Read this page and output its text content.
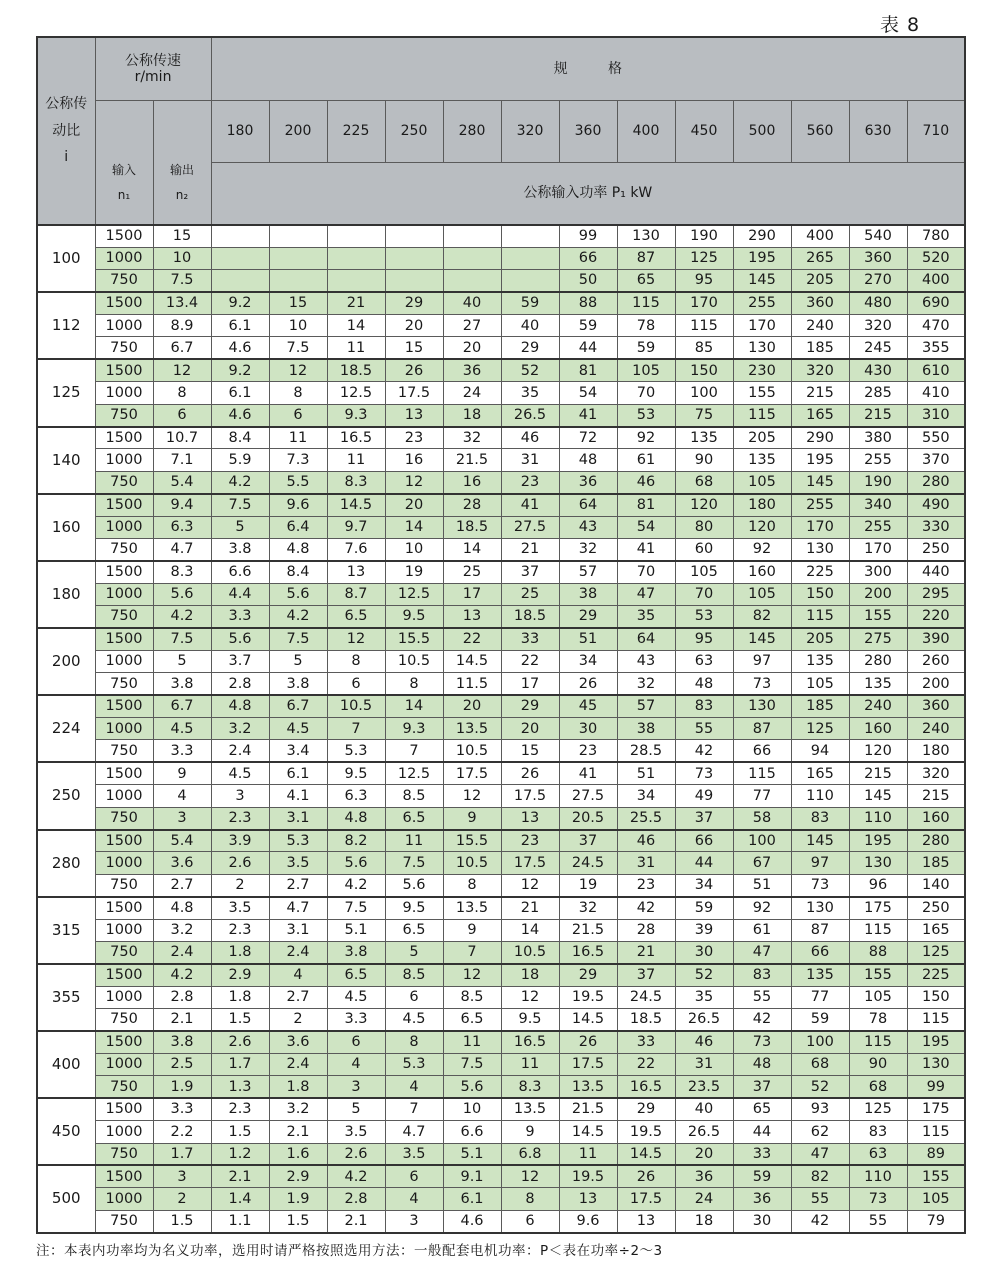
表 8
公称传
动比
i	公称传速
r/min		规 格												

	输入
n₁	输出
n₂	180	200	225	250	280	320	360	400	450	500	560	630	710
			公称输入功率 P₁ kW												
100	1500	15							99	130	190	290	400	540	780
	1000	10							66	87	125	195	265	360	520
	750	7.5							50	65	95	145	205	270	400
112	1500	13.4	9.2	15	21	29	40	59	88	115	170	255	360	480	690
	1000	8.9	6.1	10	14	20	27	40	59	78	115	170	240	320	470
	750	6.7	4.6	7.5	11	15	20	29	44	59	85	130	185	245	355
125	1500	12	9.2	12	18.5	26	36	52	81	105	150	230	320	430	610
	1000	8	6.1	8	12.5	17.5	24	35	54	70	100	155	215	285	410
	750	6	4.6	6	9.3	13	18	26.5	41	53	75	115	165	215	310
140	1500	10.7	8.4	11	16.5	23	32	46	72	92	135	205	290	380	550
	1000	7.1	5.9	7.3	11	16	21.5	31	48	61	90	135	195	255	370
	750	5.4	4.2	5.5	8.3	12	16	23	36	46	68	105	145	190	280
160	1500	9.4	7.5	9.6	14.5	20	28	41	64	81	120	180	255	340	490
	1000	6.3	5	6.4	9.7	14	18.5	27.5	43	54	80	120	170	255	330
	750	4.7	3.8	4.8	7.6	10	14	21	32	41	60	92	130	170	250
180	1500	8.3	6.6	8.4	13	19	25	37	57	70	105	160	225	300	440
	1000	5.6	4.4	5.6	8.7	12.5	17	25	38	47	70	105	150	200	295
	750	4.2	3.3	4.2	6.5	9.5	13	18.5	29	35	53	82	115	155	220
200	1500	7.5	5.6	7.5	12	15.5	22	33	51	64	95	145	205	275	390
	1000	5	3.7	5	8	10.5	14.5	22	34	43	63	97	135	280	260
	750	3.8	2.8	3.8	6	8	11.5	17	26	32	48	73	105	135	200
224	1500	6.7	4.8	6.7	10.5	14	20	29	45	57	83	130	185	240	360
	1000	4.5	3.2	4.5	7	9.3	13.5	20	30	38	55	87	125	160	240
	750	3.3	2.4	3.4	5.3	7	10.5	15	23	28.5	42	66	94	120	180
250	1500	9	4.5	6.1	9.5	12.5	17.5	26	41	51	73	115	165	215	320
	1000	4	3	4.1	6.3	8.5	12	17.5	27.5	34	49	77	110	145	215
	750	3	2.3	3.1	4.8	6.5	9	13	20.5	25.5	37	58	83	110	160
280	1500	5.4	3.9	5.3	8.2	11	15.5	23	37	46	66	100	145	195	280
	1000	3.6	2.6	3.5	5.6	7.5	10.5	17.5	24.5	31	44	67	97	130	185
	750	2.7	2	2.7	4.2	5.6	8	12	19	23	34	51	73	96	140
315	1500	4.8	3.5	4.7	7.5	9.5	13.5	21	32	42	59	92	130	175	250
	1000	3.2	2.3	3.1	5.1	6.5	9	14	21.5	28	39	61	87	115	165
	750	2.4	1.8	2.4	3.8	5	7	10.5	16.5	21	30	47	66	88	125
355	1500	4.2	2.9	4	6.5	8.5	12	18	29	37	52	83	135	155	225
	1000	2.8	1.8	2.7	4.5	6	8.5	12	19.5	24.5	35	55	77	105	150
	750	2.1	1.5	2	3.3	4.5	6.5	9.5	14.5	18.5	26.5	42	59	78	115
400	1500	3.8	2.6	3.6	6	8	11	16.5	26	33	46	73	100	115	195
	1000	2.5	1.7	2.4	4	5.3	7.5	11	17.5	22	31	48	68	90	130
	750	1.9	1.3	1.8	3	4	5.6	8.3	13.5	16.5	23.5	37	52	68	99
450	1500	3.3	2.3	3.2	5	7	10	13.5	21.5	29	40	65	93	125	175
	1000	2.2	1.5	2.1	3.5	4.7	6.6	9	14.5	19.5	26.5	44	62	83	115
	750	1.7	1.2	1.6	2.6	3.5	5.1	6.8	11	14.5	20	33	47	63	89
500	1500	3	2.1	2.9	4.2	6	9.1	12	19.5	26	36	59	82	110	155
	1000	2	1.4	1.9	2.8	4	6.1	8	13	17.5	24	36	55	73	105
	750	1.5	1.1	1.5	2.1	3	4.6	6	9.6	13	18	30	42	55	79
注：本表内功率均为名义功率，选用时请严格按照选用方法：一般配套电机功率：P＜表在功率÷2～3
